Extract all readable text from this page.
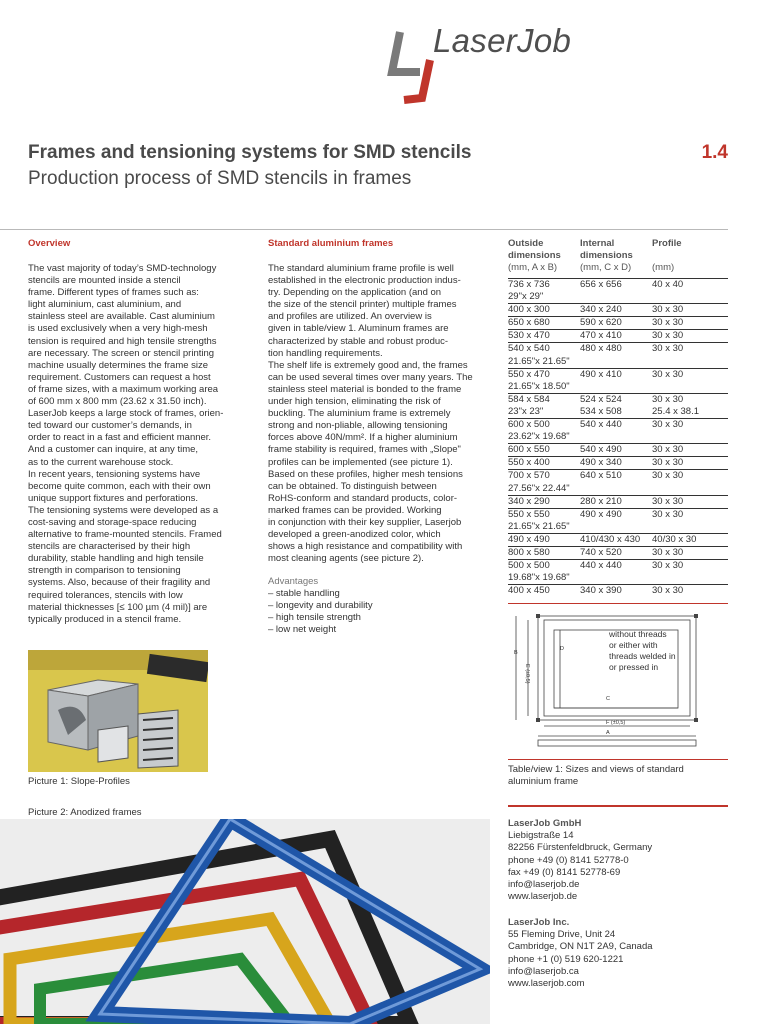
LaserJob
Frames and tensioning systems for SMD stencils
Production process of SMD stencils in frames
1.4
Overview

The vast majority of today’s SMD-technology

stencils are mounted inside a stencil

frame. Different types of frames such as:

light aluminium, cast aluminium, and

stainless steel are available. Cast aluminium

is used exclusively when a very high-mesh

tension is required and high tensile strengths

are necessary. The screen or stencil printing

machine usually determines the frame size

requirement. Customers can request a host

of frame sizes, with a maximum working area

of 600 mm x 800 mm (23.62 x 31.50 inch).

LaserJob keeps a large stock of frames, orien-

ted toward our customer’s demands, in

order to react in a fast and efficient manner.

And a customer can inquire, at any time,

as to the current warehouse stock.

In recent years, tensioning systems have

become quite common, each with their own

unique support fixtures and perforations.

The tensioning systems were developed as a

cost-saving and storage-space reducing

alternative to frame-mounted stencils. Framed

stencils are characterised by their high

durability, stable handling and high tensile

strength in comparison to tensioning

systems. Also, because of their fragility and

required tolerances, stencils with low

material thicknesses [≤ 100 µm (4 mil)] are

typically produced in a stencil frame.

Picture 1: Slope-Profiles
Picture 2: Anodized frames
Standard aluminium frames

The standard aluminium frame profile is well

established in the electronic production indus-

try. Depending on the application (and on

the size of the stencil printer) multiple frames

and profiles are utilized. An overview is

given in table/view 1. Aluminum frames are

characterized by stable and robust produc-

tion handling requirements.

The shelf life is extremely good and, the frames

can be used several times over many years. The

stainless steel material is bonded to the frame

under high tension, eliminating the risk of

buckling. The aluminium frame is extremely

strong and non-pliable, allowing tensioning

forces above 40N/mm². If a higher aluminium

frame stability is required, frames with „Slope"

profiles can be implemented (see picture 1).

Based on these profiles, higher mesh tensions

can be obtained. To distinguish between

RoHS-conform and standard products, color-

marked frames can be provided. Working

in conjunction with their key supplier, Laserjob

developed a green-anodized color, which

shows a high resistance and compatibility with

most cleaning agents (see picture 2).

Advantages

– stable handling

– longevity and durability

– high tensile strength

– low net weight

Outside	Internal	Profile
dimensions	dimensions	
(mm, A x B)	(mm, C x D)	(mm)
736 x 736	656 x 656	40 x 40
29"x 29"		
400 x 300	340 x 240	30 x 30
650 x 680	590 x 620	30 x 30
530 x 470	470 x 410	30 x 30
540 x 540	480 x 480	30 x 30
21.65"x 21.65"		
550 x 470	490 x 410	30 x 30
21.65"x 18.50"		
584 x 584	524 x 524	30 x 30
23"x 23"	534 x 508	25.4 x 38.1
600 x 500	540 x 440	30 x 30
23.62"x 19.68"		
600 x 550	540 x 490	30 x 30
550 x 400	490 x 340	30 x 30
700 x 570	640 x 510	30 x 30
27.56"x 22.44"		
340 x 290	280 x 210	30 x 30
550 x 550	490 x 490	30 x 30
21.65"x 21.65"		
490 x 490	410/430 x 430	40/30 x 30
800 x 580	740 x 520	30 x 30
500 x 500	440 x 440	30 x 30
19.68"x 19.68"		
400 x 450	340 x 390	30 x 30
without threads
or either with
threads welded in
or pressed in
C
F (±0,5)
A
B
E (±0,5)
D

Table/view 1: Sizes and views of standard

aluminium frame

LaserJob GmbH

Liebigstraße 14

82256 Fürstenfeldbruck, Germany

phone +49 (0) 8141 52778-0

fax +49 (0) 8141 52778-69

info@laserjob.de

www.laserjob.de

LaserJob Inc.

55 Fleming Drive, Unit 24

Cambridge, ON N1T 2A9, Canada

phone +1 (0) 519 620-1221

info@laserjob.ca

www.laserjob.com
